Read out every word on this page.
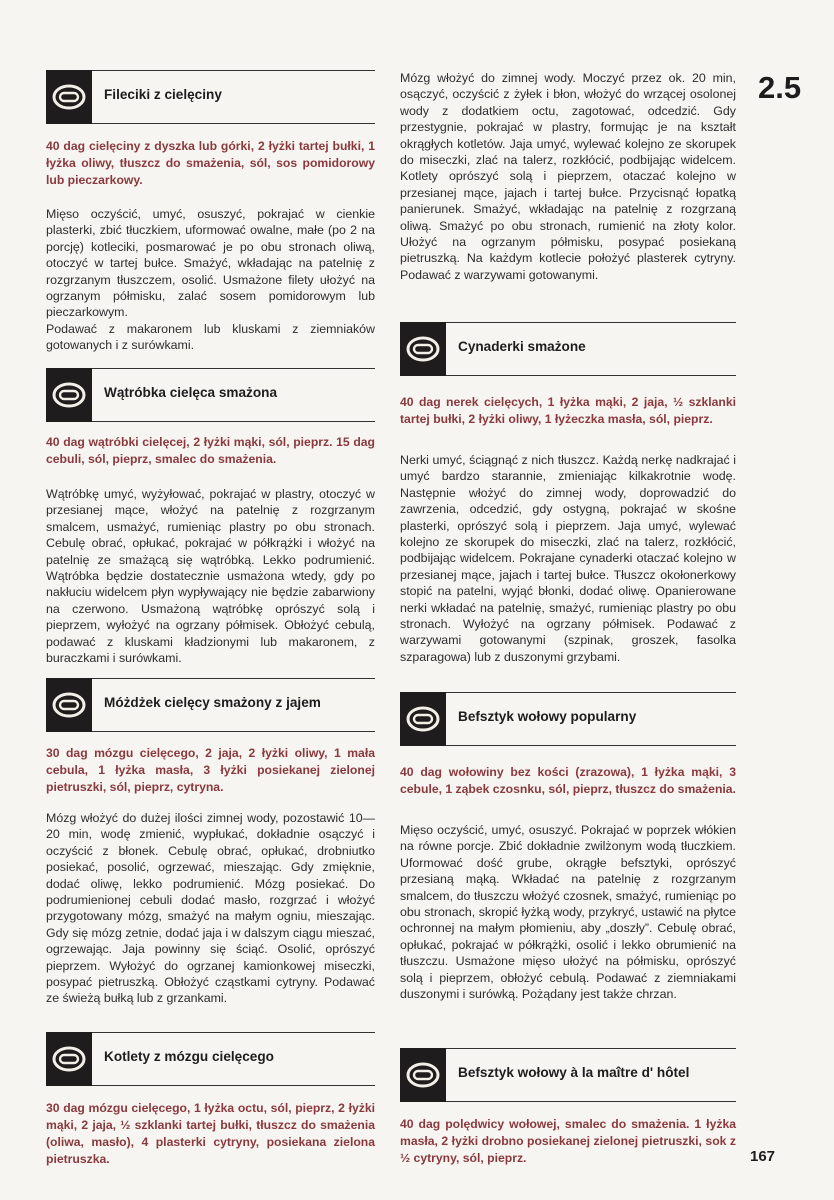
2.5
167
Fileciki z cielęciny
40 dag cielęciny z dyszka lub górki, 2 łyżki tartej bułki, 1 łyżka oliwy, tłuszcz do smażenia, sól, sos pomidorowy lub pieczarkowy.

Mięso oczyścić, umyć, osuszyć, pokrajać w cienkie plasterki, zbić tłuczkiem, uformować owalne, małe (po 2 na porcję) kotleciki, posmarować je po obu stronach oliwą, otoczyć w tartej bułce. Smażyć, wkładając na patelnię z rozgrzanym tłuszczem, osolić. Usmażone filety ułożyć na ogrzanym półmisku, zalać sosem pomidorowym lub pieczarkowym.

Podawać z makaronem lub kluskami z ziemniaków gotowanych i z surówkami.

Wątróbka cielęca smażona
40 dag wątróbki cielęcej, 2 łyżki mąki, sól, pieprz. 15 dag cebuli, sól, pieprz, smalec do smażenia.

Wątróbkę umyć, wyżyłować, pokrajać w plastry, otoczyć w przesianej mące, włożyć na patelnię z rozgrzanym smalcem, usmażyć, rumieniąc plastry po obu stronach. Cebulę obrać, opłukać, pokrajać w półkrążki i włożyć na patelnię ze smażącą się wątróbką. Lekko podrumienić. Wątróbka będzie dostatecznie usmażona wtedy, gdy po nakłuciu widelcem płyn wypływający nie będzie zabarwiony na czerwono. Usmażoną wątróbkę oprószyć solą i pieprzem, wyłożyć na ogrzany półmisek. Obłożyć cebulą, podawać z kluskami kładzionymi lub makaronem, z buraczkami i surówkami.

Móżdżek cielęcy smażony z jajem
30 dag mózgu cielęcego, 2 jaja, 2 łyżki oliwy, 1 mała cebula, 1 łyżka masła, 3 łyżki posiekanej zielonej pietruszki, sól, pieprz, cytryna.

Mózg włożyć do dużej ilości zimnej wody, pozostawić 10—20 min, wodę zmienić, wypłukać, dokładnie osączyć i oczyścić z błonek. Cebulę obrać, opłukać, drobniutko posiekać, posolić, ogrzewać, mieszając. Gdy zmięknie, dodać oliwę, lekko podrumienić. Mózg posiekać. Do podrumienionej cebuli dodać masło, rozgrzać i włożyć przygotowany mózg, smażyć na małym ogniu, mieszając. Gdy się mózg zetnie, dodać jaja i w dalszym ciągu mieszać, ogrzewając. Jaja powinny się ściąć. Osolić, oprószyć pieprzem. Wyłożyć do ogrzanej kamionkowej miseczki, posypać pietruszką. Obłożyć cząstkami cytryny. Podawać ze świeżą bułką lub z grzankami.

Kotlety z mózgu cielęcego
30 dag mózgu cielęcego, 1 łyżka octu, sól, pieprz, 2 łyżki mąki, 2 jaja, ½ szklanki tartej bułki, tłuszcz do smażenia (oliwa, masło), 4 plasterki cytryny, posiekana zielona pietruszka.

Mózg włożyć do zimnej wody. Moczyć przez ok. 20 min, osączyć, oczyścić z żyłek i błon, włożyć do wrzącej osolonej wody z dodatkiem octu, zagotować, odcedzić. Gdy przestygnie, pokrajać w plastry, formując je na kształt okrągłych kotletów. Jaja umyć, wylewać kolejno ze skorupek do miseczki, zlać na talerz, rozkłócić, podbijając widelcem. Kotlety oprószyć solą i pieprzem, otaczać kolejno w przesianej mące, jajach i tartej bułce. Przycisnąć łopatką panierunek. Smażyć, wkładając na patelnię z rozgrzaną oliwą. Smażyć po obu stronach, rumienić na złoty kolor. Ułożyć na ogrzanym półmisku, posypać posiekaną pietruszką. Na każdym kotlecie położyć plasterek cytryny. Podawać z warzywami gotowanymi.

Cynaderki smażone
40 dag nerek cielęcych, 1 łyżka mąki, 2 jaja, ½ szklanki tartej bułki, 2 łyżki oliwy, 1 łyżeczka masła, sól, pieprz.

Nerki umyć, ściągnąć z nich tłuszcz. Każdą nerkę nadkrajać i umyć bardzo starannie, zmieniając kilkakrotnie wodę. Następnie włożyć do zimnej wody, doprowadzić do zawrzenia, odcedzić, gdy ostygną, pokrajać w skośne plasterki, oprószyć solą i pieprzem. Jaja umyć, wylewać kolejno ze skorupek do miseczki, zlać na talerz, rozkłócić, podbijając widelcem. Pokrajane cynaderki otaczać kolejno w przesianej mące, jajach i tartej bułce. Tłuszcz okołonerkowy stopić na patelni, wyjąć błonki, dodać oliwę. Opanierowane nerki wkładać na patelnię, smażyć, rumieniąc plastry po obu stronach. Wyłożyć na ogrzany półmisek. Podawać z warzywami gotowanymi (szpinak, groszek, fasolka szparagowa) lub z duszonymi grzybami.

Befsztyk wołowy popularny
40 dag wołowiny bez kości (zrazowa), 1 łyżka mąki, 3 cebule, 1 ząbek czosnku, sól, pieprz, tłuszcz do smażenia.

Mięso oczyścić, umyć, osuszyć. Pokrajać w poprzek włókien na równe porcje. Zbić dokładnie zwilżonym wodą tłuczkiem. Uformować dość grube, okrągłe befsztyki, oprószyć przesianą mąką. Wkładać na patelnię z rozgrzanym smalcem, do tłuszczu włożyć czosnek, smażyć, rumieniąc po obu stronach, skropić łyżką wody, przykryć, ustawić na płytce ochronnej na małym płomieniu, aby „doszły”. Cebulę obrać, opłukać, pokrajać w półkrążki, osolić i lekko obrumienić na tłuszczu. Usmażone mięso ułożyć na półmisku, oprószyć solą i pieprzem, obłożyć cebulą. Podawać z ziemniakami duszonymi i surówką. Pożądany jest także chrzan.

Befsztyk wołowy à la maître d' hôtel
40 dag polędwicy wołowej, smalec do smażenia. 1 łyżka masła, 2 łyżki drobno posiekanej zielonej pietruszki, sok z ½ cytryny, sól, pieprz.
